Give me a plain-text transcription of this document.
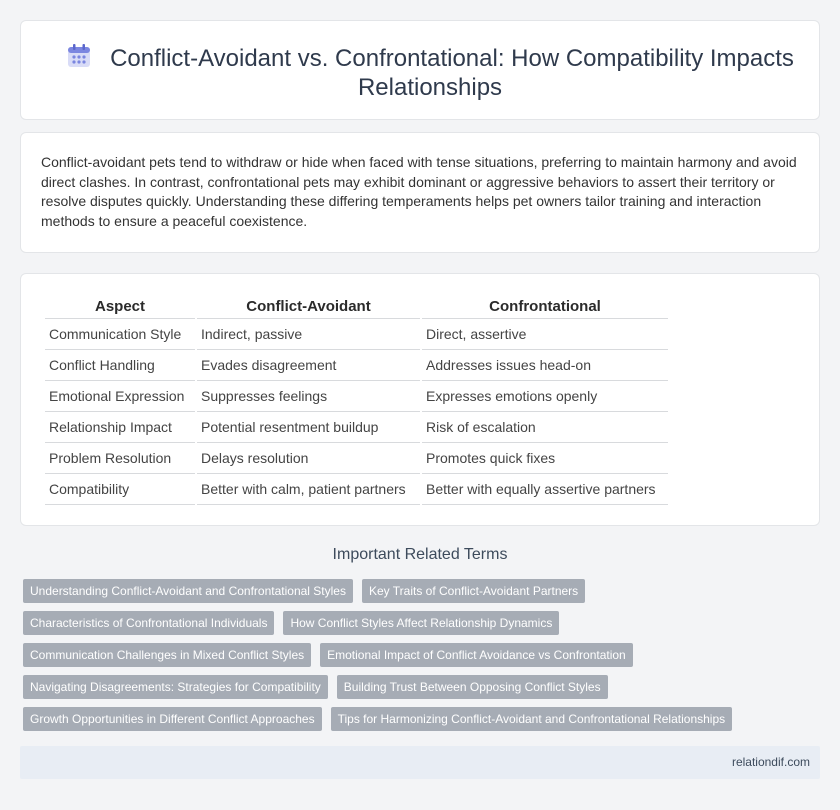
Conflict-Avoidant vs. Confrontational: How Compatibility Impacts Relationships

Conflict-avoidant pets tend to withdraw or hide when faced with tense situations, preferring to maintain harmony and avoid direct clashes. In contrast, confrontational pets may exhibit dominant or aggressive behaviors to assert their territory or resolve disputes quickly. Understanding these differing temperaments helps pet owners tailor training and interaction methods to ensure a peaceful coexistence.

Aspect	Conflict-Avoidant	Confrontational
Communication Style	Indirect, passive	Direct, assertive
Conflict Handling	Evades disagreement	Addresses issues head-on
Emotional Expression	Suppresses feelings	Expresses emotions openly
Relationship Impact	Potential resentment buildup	Risk of escalation
Problem Resolution	Delays resolution	Promotes quick fixes
Compatibility	Better with calm, patient partners	Better with equally assertive partners
Important Related Terms
Understanding Conflict-Avoidant and Confrontational Styles	Key Traits of Conflict-Avoidant Partners
Characteristics of Confrontational Individuals	How Conflict Styles Affect Relationship Dynamics
Communication Challenges in Mixed Conflict Styles	Emotional Impact of Conflict Avoidance vs Confrontation
Navigating Disagreements: Strategies for Compatibility	Building Trust Between Opposing Conflict Styles
Growth Opportunities in Different Conflict Approaches	Tips for Harmonizing Conflict-Avoidant and Confrontational Relationships
relationdif.com
